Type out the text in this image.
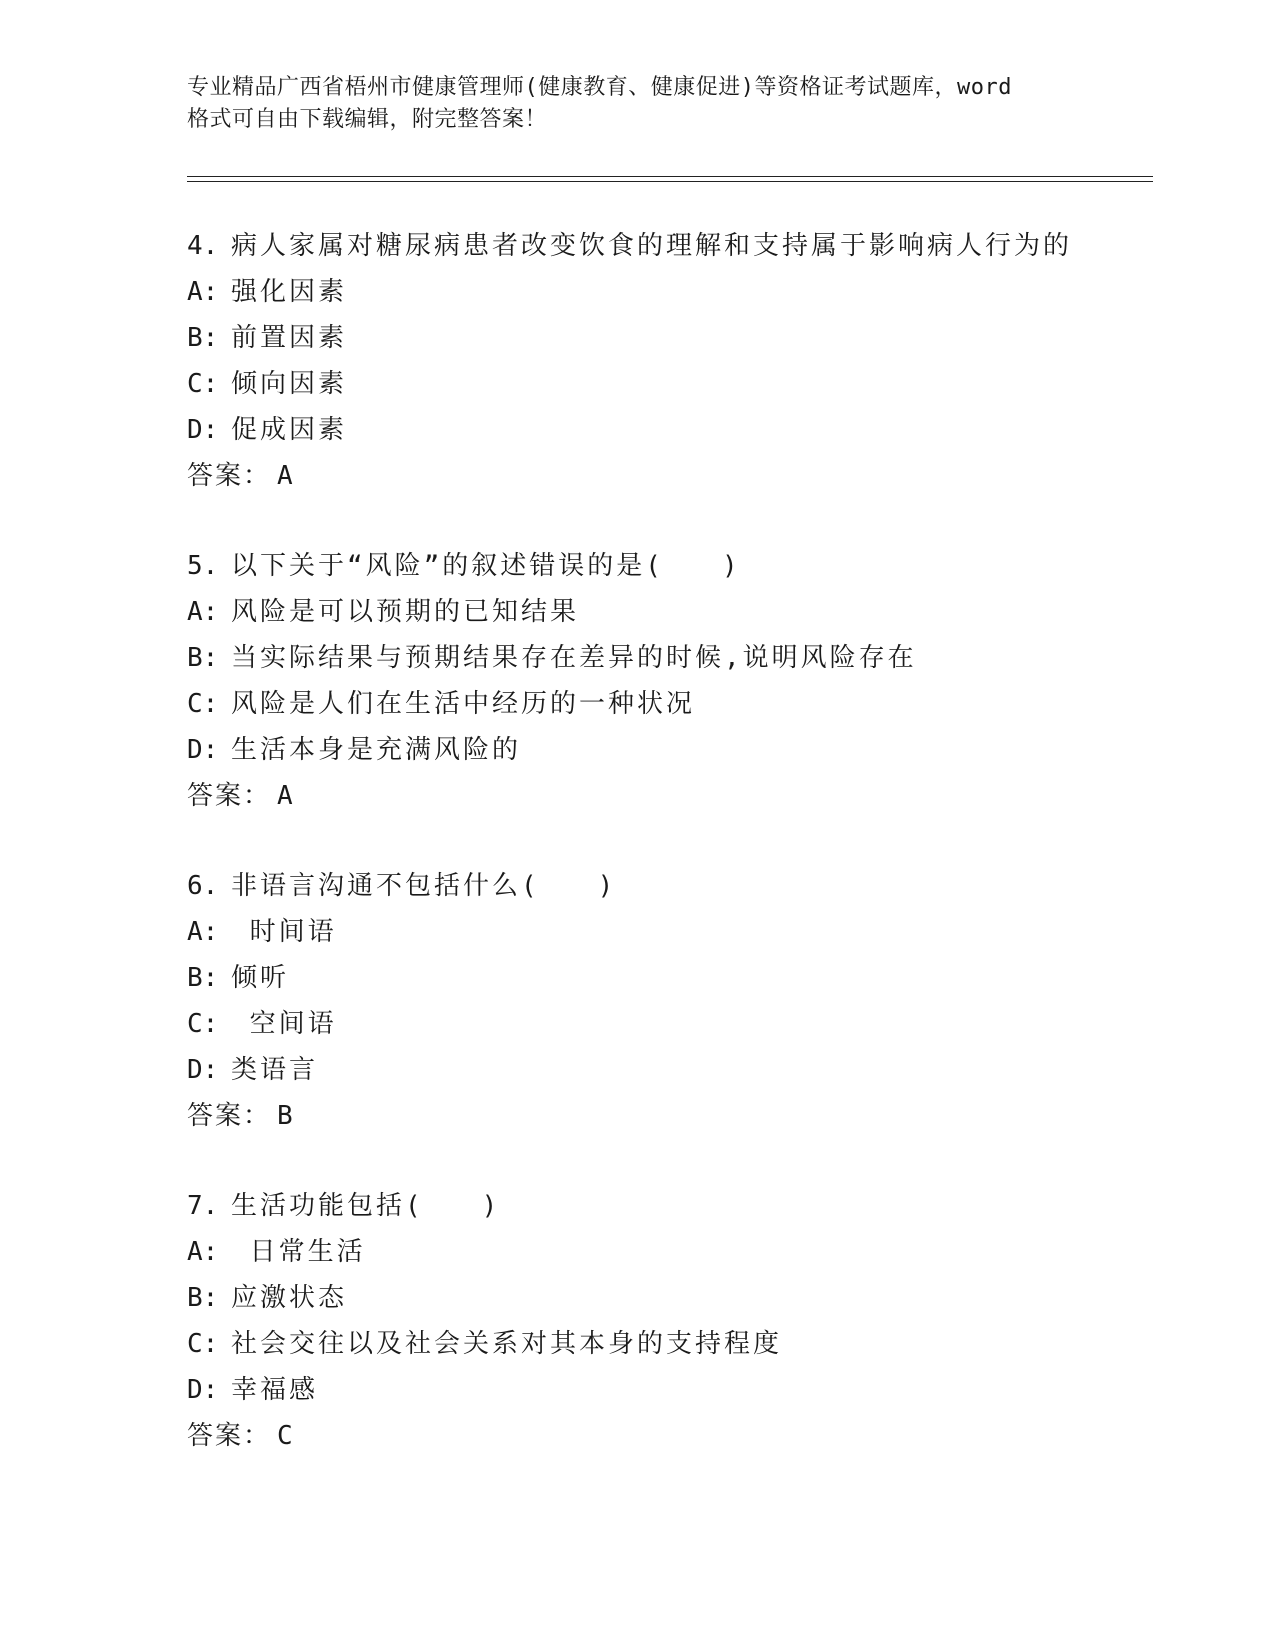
专业精品广西省梧州市健康管理师(健康教育、健康促进)等资格证考试题库，word
格式可自由下载编辑，附完整答案！
4. 病人家属对糖尿病患者改变饮食的理解和支持属于影响病人行为的
A: 强化因素
B: 前置因素
C: 倾向因素
D: 促成因素
答案： A
5. 以下关于“风险”的叙述错误的是(　　)
A: 风险是可以预期的已知结果
B: 当实际结果与预期结果存在差异的时候,说明风险存在
C: 风险是人们在生活中经历的一种状况
D: 生活本身是充满风险的
答案： A
6. 非语言沟通不包括什么(　　)
A: 时间语
B: 倾听
C: 空间语
D: 类语言
答案： B
7. 生活功能包括(　　)
A: 日常生活
B: 应激状态
C: 社会交往以及社会关系对其本身的支持程度
D: 幸福感
答案： C
